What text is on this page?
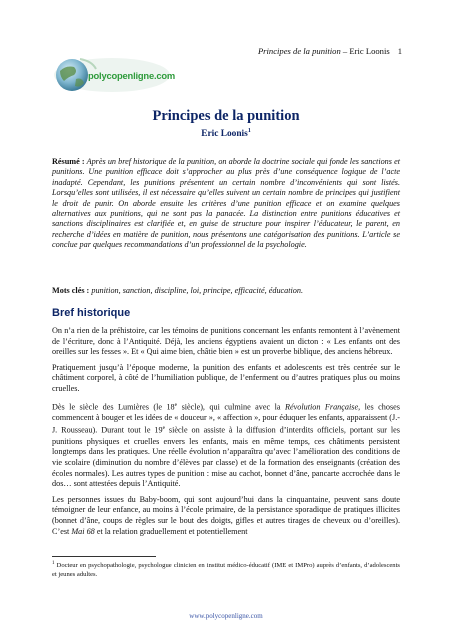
Principes de la punition – Eric Loonis 1
polycopenligne.com
Principes de la punition
Eric Loonis$^1$
Résumé : Après un bref historique de la punition, on aborde la doctrine sociale qui fonde les sanctions et punitions. Une punition efficace doit s’approcher au plus près d’une conséquence logique de l’acte inadapté. Cependant, les punitions présentent un certain nombre d’inconvénients qui sont listés. Lorsqu’elles sont utilisées, il est nécessaire qu’elles suivent un certain nombre de principes qui justifient le droit de punir. On aborde ensuite les critères d’une punition efficace et on examine quelques alternatives aux punitions, qui ne sont pas la panacée. La distinction entre punitions éducatives et sanctions disciplinaires est clarifiée et, en guise de structure pour inspirer l’éducateur, le parent, en recherche d’idées en matière de punition, nous présentons une catégorisation des punitions. L’article se conclue par quelques recommandations d’un professionnel de la psychologie.
Mots clés : punition, sanction, discipline, loi, principe, efficacité, éducation.
Bref historique

On n’a rien de la préhistoire, car les témoins de punitions concernant les enfants remontent à l’avènement de l’écriture, donc à l’Antiquité. Déjà, les anciens égyptiens avaient un dicton : « Les enfants ont des oreilles sur les fesses ». Et « Qui aime bien, châtie bien » est un proverbe biblique, des anciens hébreux.

Pratiquement jusqu’à l’époque moderne, la punition des enfants et adolescents est très centrée sur le châtiment corporel, à côté de l’humiliation publique, de l’enferment ou d’autres pratiques plus ou moins cruelles.

Dès le siècle des Lumières (le 18e siècle), qui culmine avec la Révolution Française, les choses commencent à bouger et les idées de « douceur », « affection », pour éduquer les enfants, apparaissent (J.-J. Rousseau). Durant tout le 19e siècle on assiste à la diffusion d’interdits officiels, portant sur les punitions physiques et cruelles envers les enfants, mais en même temps, ces châtiments persistent longtemps dans les pratiques. Une réelle évolution n’apparaîtra qu’avec l’amélioration des conditions de vie scolaire (diminution du nombre d’élèves par classe) et de la formation des enseignants (création des écoles normales). Les autres types de punition : mise au cachot, bonnet d’âne, pancarte accrochée dans le dos… sont attestées depuis l’Antiquité.

Les personnes issues du Baby-boom, qui sont aujourd’hui dans la cinquantaine, peuvent sans doute témoigner de leur enfance, au moins à l’école primaire, de la persistance sporadique de pratiques illicites (bonnet d’âne, coups de règles sur le bout des doigts, gifles et autres tirages de cheveux ou d’oreilles). C’est Mai 68 et la relation graduellement et potentiellement

$^1$ Docteur en psychopathologie, psychologue clinicien en institut médico-éducatif (IME et IMPro) auprès d’enfants, d’adolescents et jeunes adultes.
www.polycopenligne.com
